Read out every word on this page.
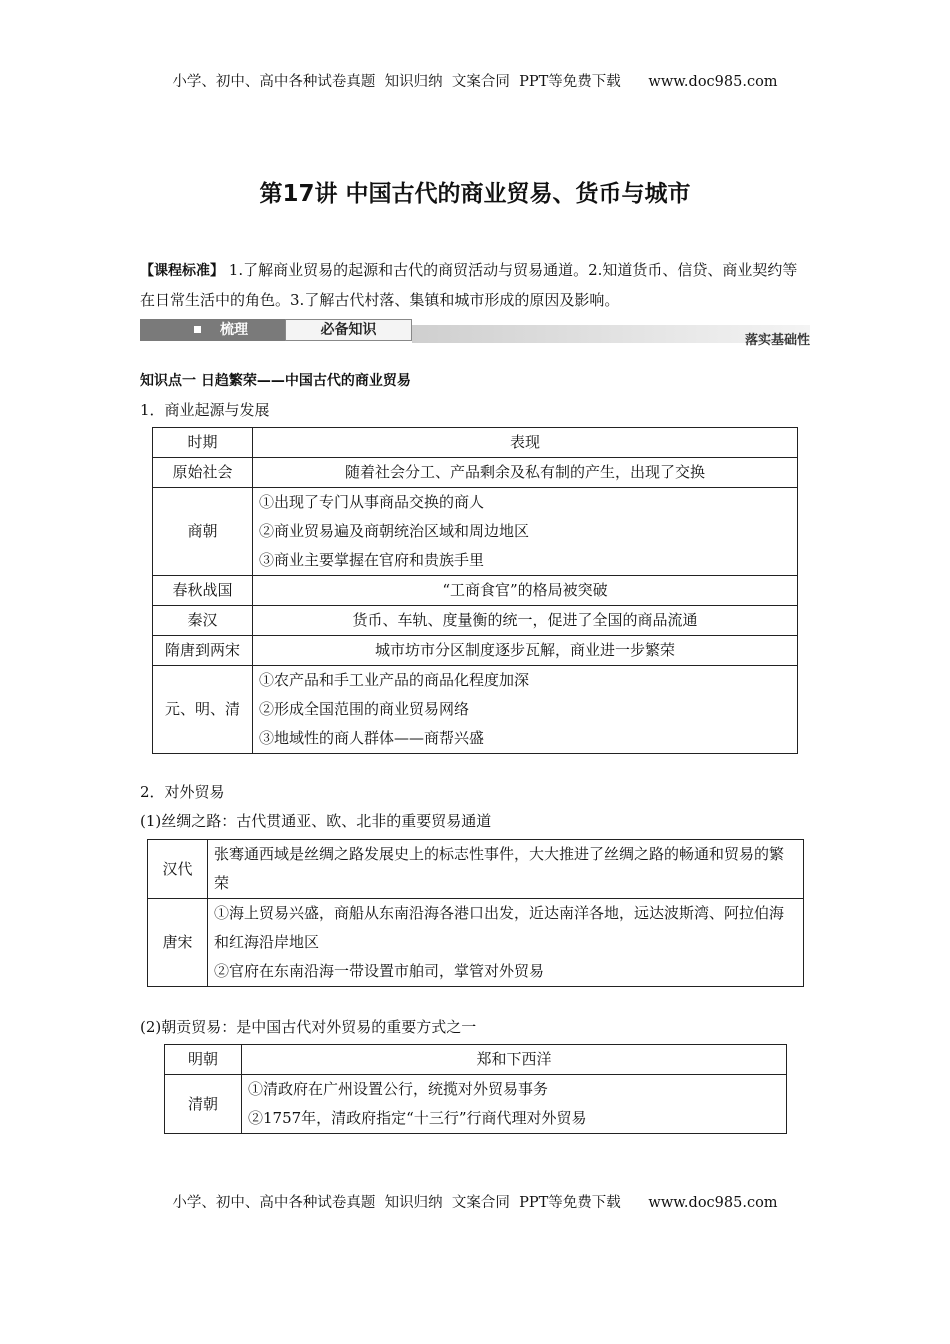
小学、初中、高中各种试卷真题  知识归纳  文案合同  PPT等免费下载      www.doc985.com
第17讲 中国古代的商业贸易、货币与城市
【课程标准】 1.了解商业贸易的起源和古代的商贸活动与贸易通道。2.知道货币、信贷、商业契约等在日常生活中的角色。3.了解古代村落、集镇和城市形成的原因及影响。
梳理	必备知识
落实基础性
知识点一 日趋繁荣——中国古代的商业贸易
1．商业起源与发展
时期	表现
原始社会	随着社会分工、产品剩余及私有制的产生，出现了交换
商朝	①出现了专门从事商品交换的商人
②商业贸易遍及商朝统治区域和周边地区
③商业主要掌握在官府和贵族手里

春秋战国	“工商食官”的格局被突破
秦汉	货币、车轨、度量衡的统一，促进了全国的商品流通
隋唐到两宋	城市坊市分区制度逐步瓦解，商业进一步繁荣
元、明、清	①农产品和手工业产品的商品化程度加深
②形成全国范围的商业贸易网络
③地域性的商人群体——商帮兴盛
2．对外贸易
(1)丝绸之路：古代贯通亚、欧、北非的重要贸易通道
汉代	张骞通西域是丝绸之路发展史上的标志性事件，大大推进了丝绸之路的畅通和贸易的繁荣
唐宋	①海上贸易兴盛，商船从东南沿海各港口出发，近达南洋各地，远达波斯湾、阿拉伯海和红海沿岸地区
②官府在东南沿海一带设置市舶司，掌管对外贸易
(2)朝贡贸易：是中国古代对外贸易的重要方式之一
明朝	郑和下西洋
清朝	①清政府在广州设置公行，统揽对外贸易事务
②1757年，清政府指定“十三行”行商代理对外贸易
小学、初中、高中各种试卷真题  知识归纳  文案合同  PPT等免费下载      www.doc985.com
